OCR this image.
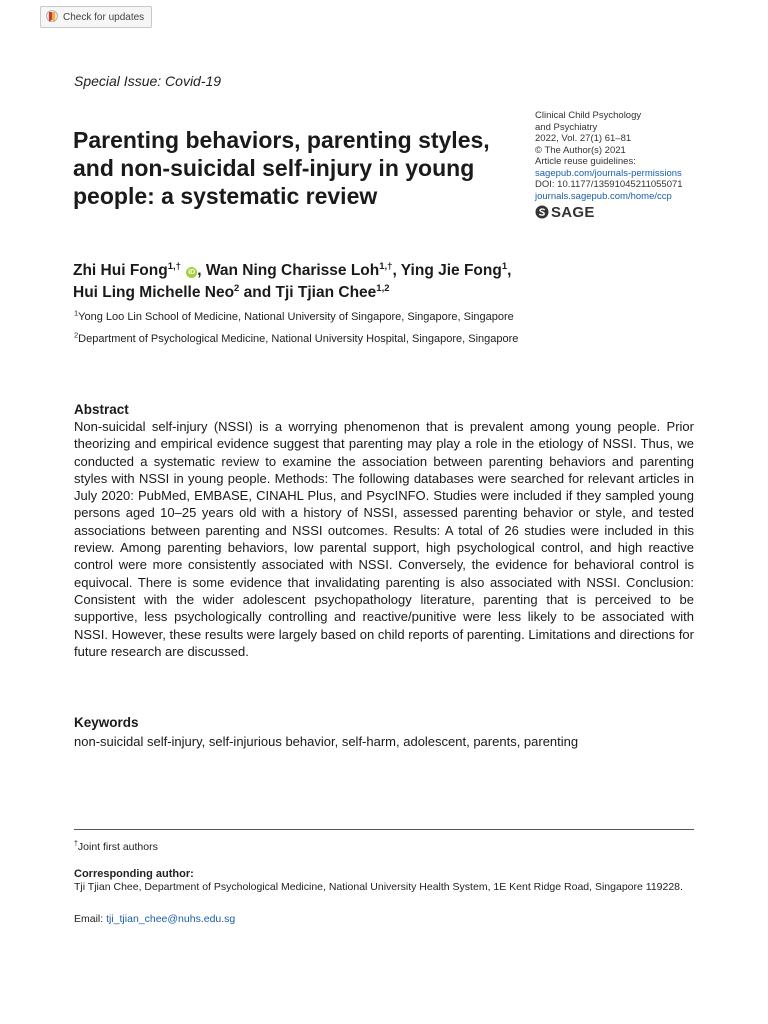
Check for updates
Special Issue: Covid-19
Clinical Child Psychology
and Psychiatry
2022, Vol. 27(1) 61–81
© The Author(s) 2021
Article reuse guidelines:
sagepub.com/journals-permissions
DOI: 10.1177/13591045211055071
journals.sagepub.com/home/ccp
SAGE
Parenting behaviors, parenting styles, and non-suicidal self-injury in young people: a systematic review
Zhi Hui Fong$^{1,\dagger}$ iD , Wan Ning Charisse Loh$^{1,\dagger}$, Ying Jie Fong$^1$,
Hui Ling Michelle Neo$^2$ and Tji Tjian Chee$^{1,2}$
$^1$Yong Loo Lin School of Medicine, National University of Singapore, Singapore, Singapore
$^2$Department of Psychological Medicine, National University Hospital, Singapore, Singapore
Abstract

Non-suicidal self-injury (NSSI) is a worrying phenomenon that is prevalent among young people. Prior theorizing and empirical evidence suggest that parenting may play a role in the etiology of NSSI. Thus, we conducted a systematic review to examine the association between parenting behaviors and parenting styles with NSSI in young people. Methods: The following databases were searched for relevant articles in July 2020: PubMed, EMBASE, CINAHL Plus, and PsycINFO. Studies were included if they sampled young persons aged 10–25 years old with a history of NSSI, assessed parenting behavior or style, and tested associations between parenting and NSSI outcomes. Results: A total of 26 studies were included in this review. Among parenting behaviors, low parental support, high psychological control, and high reactive control were more consistently associated with NSSI. Conversely, the evidence for behavioral control is equivocal. There is some evidence that invalidating parenting is also associated with NSSI. Conclusion: Consistent with the wider adolescent psychopathology literature, parenting that is perceived to be supportive, less psychologically controlling and reactive/punitive were less likely to be associated with NSSI. However, these results were largely based on child reports of parenting. Limitations and directions for future research are discussed.

Keywords
non-suicidal self-injury, self-injurious behavior, self-harm, adolescent, parents, parenting
†Joint first authors
Corresponding author:
Tji Tjian Chee, Department of Psychological Medicine, National University Health System, 1E Kent Ridge Road, Singapore 119228.
Email: tji_tjian_chee@nuhs.edu.sg
